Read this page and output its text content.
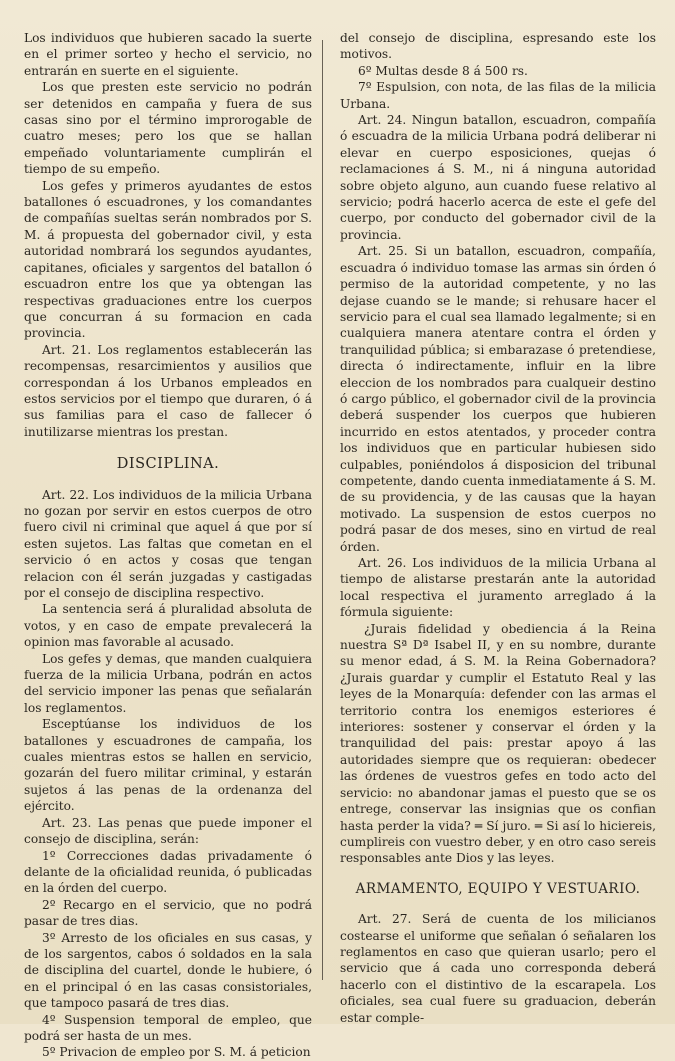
Los individuos que hubieren sacado la suerte en el primer sorteo y hecho el servicio, no entrarán en suerte en el siguiente.

Los que presten este servicio no podrán ser detenidos en campaña y fuera de sus casas sino por el término improrogable de cuatro meses; pero los que se hallan empeñado voluntariamente cumplirán el tiempo de su empeño.

Los gefes y primeros ayudantes de estos batallones ó escuadrones, y los comandantes de compañías sueltas serán nombrados por S. M. á propuesta del gobernador civil, y esta autoridad nombrará los segundos ayudantes, capitanes, oficiales y sargentos del batallon ó escuadron entre los que ya obtengan las respectivas graduaciones entre los cuerpos que concurran á su formacion en cada provincia.

Art. 21. Los reglamentos establecerán las recompensas, resarcimientos y ausilios que correspondan á los Urbanos empleados en estos servicios por el tiempo que duraren, ó á sus familias para el caso de fallecer ó inutilizarse mientras los prestan.

DISCIPLINA.

Art. 22. Los individuos de la milicia Urbana no gozan por servir en estos cuerpos de otro fuero civil ni criminal que aquel á que por sí esten sujetos. Las faltas que cometan en el servicio ó en actos y cosas que tengan relacion con él serán juzgadas y castigadas por el consejo de disciplina respectivo.

La sentencia será á pluralidad absoluta de votos, y en caso de empate prevalecerá la opinion mas favorable al acusado.

Los gefes y demas, que manden cualquiera fuerza de la milicia Urbana, podrán en actos del servicio imponer las penas que señalarán los reglamentos.

Esceptúanse los individuos de los batallones y escuadrones de campaña, los cuales mientras estos se hallen en servicio, gozarán del fuero militar criminal, y estarán sujetos á las penas de la ordenanza del ejército.

Art. 23. Las penas que puede imponer el consejo de disciplina, serán:

1º Correcciones dadas privadamente ó delante de la oficialidad reunida, ó publicadas en la órden del cuerpo.

2º Recargo en el servicio, que no podrá pasar de tres dias.

3º Arresto de los oficiales en sus casas, y de los sargentos, cabos ó soldados en la sala de disciplina del cuartel, donde le hubiere, ó en el principal ó en las casas consistoriales, que tampoco pasará de tres dias.

4º Suspension temporal de empleo, que podrá ser hasta de un mes.

5º Privacion de empleo por S. M. á peticion

del consejo de disciplina, espresando este los motivos.

6º Multas desde 8 á 500 rs.

7º Espulsion, con nota, de las filas de la milicia Urbana.

Art. 24. Ningun batallon, escuadron, compañía ó escuadra de la milicia Urbana podrá deliberar ni elevar en cuerpo esposiciones, quejas ó reclamaciones á S. M., ni á ninguna autoridad sobre objeto alguno, aun cuando fuese relativo al servicio; podrá hacerlo acerca de este el gefe del cuerpo, por conducto del gobernador civil de la provincia.

Art. 25. Si un batallon, escuadron, compañía, escuadra ó individuo tomase las armas sin órden ó permiso de la autoridad competente, y no las dejase cuando se le mande; si rehusare hacer el servicio para el cual sea llamado legalmente; si en cualquiera manera atentare contra el órden y tranquilidad pública; si embarazase ó pretendiese, directa ó indirectamente, influir en la libre eleccion de los nombrados para cualqueir destino ó cargo público, el gobernador civil de la provincia deberá suspender los cuerpos que hubieren incurrido en estos atentados, y proceder contra los individuos que en particular hubiesen sido culpables, poniéndolos á disposicion del tribunal competente, dando cuenta inmediatamente á S. M. de su providencia, y de las causas que la hayan motivado. La suspension de estos cuerpos no podrá pasar de dos meses, sino en virtud de real órden.

Art. 26. Los individuos de la milicia Urbana al tiempo de alistarse prestarán ante la autoridad local respectiva el juramento arreglado á la fórmula siguiente:

¿Jurais fidelidad y obediencia á la Reina nuestra Sª Dª Isabel II, y en su nombre, durante su menor edad, á S. M. la Reina Gobernadora? ¿Jurais guardar y cumplir el Estatuto Real y las leyes de la Monarquía: defender con las armas el territorio contra los enemigos esteriores é interiores: sostener y conservar el órden y la tranquilidad del pais: prestar apoyo á las autoridades siempre que os requieran: obedecer las órdenes de vuestros gefes en todo acto del servicio: no abandonar jamas el puesto que se os entrege, conservar las insignias que os confian hasta perder la vida? ═ Sí juro. ═ Si así lo hiciereis, cumplireis con vuestro deber, y en otro caso sereis responsables ante Dios y las leyes.

ARMAMENTO, EQUIPO Y VESTUARIO.

Art. 27. Será de cuenta de los milicianos costearse el uniforme que señalan ó señalaren los reglamentos en caso que quieran usarlo; pero el servicio que á cada uno corresponda deberá hacerlo con el distintivo de la escarapela. Los oficiales, sea cual fuere su graduacion, deberán estar comple-
